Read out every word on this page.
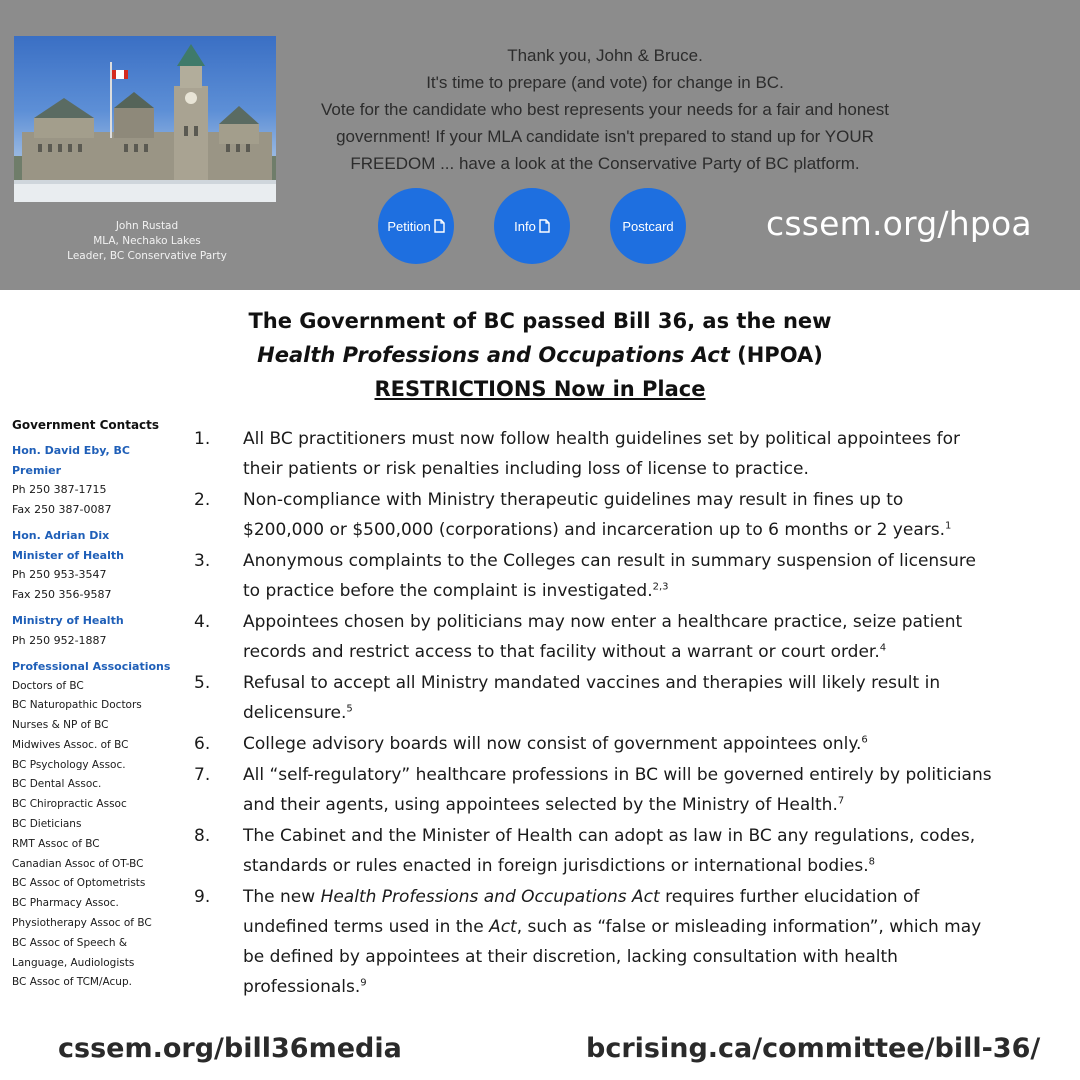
John Rustad
MLA, Nechako Lakes
Leader, BC Conservative Party
Thank you, John & Bruce.
It's time to prepare (and vote) for change in BC.
Vote for the candidate who best represents your needs for a fair and honest
government! If your MLA candidate isn't prepared to stand up for YOUR
FREEDOM ... have a look at the Conservative Party of BC platform.
Petition	Info	Postcard	cssem.org/hpoa
The Government of BC passed Bill 36, as the new
Health Professions and Occupations Act (HPOA)
RESTRICTIONS Now in Place
Government Contacts
Hon. David Eby, BC
Premier
Ph 250 387-1715
Fax 250 387-0087
Hon. Adrian Dix
Minister of Health
Ph 250 953-3547
Fax 250 356-9587
Ministry of Health
Ph 250 952-1887
Professional Associations
Doctors of BC
BC Naturopathic Doctors
Nurses & NP of BC
Midwives Assoc. of BC
BC Psychology Assoc.
BC Dental Assoc.
BC Chiropractic Assoc
BC Dieticians
RMT Assoc of BC
Canadian Assoc of OT-BC
BC Assoc of Optometrists
BC Pharmacy Assoc.
Physiotherapy Assoc of BC
BC Assoc of Speech &
Language, Audiologists
BC Assoc of TCM/Acup.
1. All BC practitioners must now follow health guidelines set by political appointees for
their patients or risk penalties including loss of license to practice.
2. Non-compliance with Ministry therapeutic guidelines may result in fines up to
$200,000 or $500,000 (corporations) and incarceration up to 6 months or 2 years.$^1$
3. Anonymous complaints to the Colleges can result in summary suspension of licensure
to practice before the complaint is investigated.$^{2,3}$
4. Appointees chosen by politicians may now enter a healthcare practice, seize patient
records and restrict access to that facility without a warrant or court order.$^4$
5. Refusal to accept all Ministry mandated vaccines and therapies will likely result in
delicensure.$^5$
6. College advisory boards will now consist of government appointees only.$^6$
7. All “self-regulatory” healthcare professions in BC will be governed entirely by politicians
and their agents, using appointees selected by the Ministry of Health.$^7$
8. The Cabinet and the Minister of Health can adopt as law in BC any regulations, codes,
standards or rules enacted in foreign jurisdictions or international bodies.$^8$
9. The new Health Professions and Occupations Act requires further elucidation of
undefined terms used in the Act, such as “false or misleading information”, which may
be defined by appointees at their discretion, lacking consultation with health
professionals.$^9$
cssem.org/bill36media	bcrising.ca/committee/bill-36/
